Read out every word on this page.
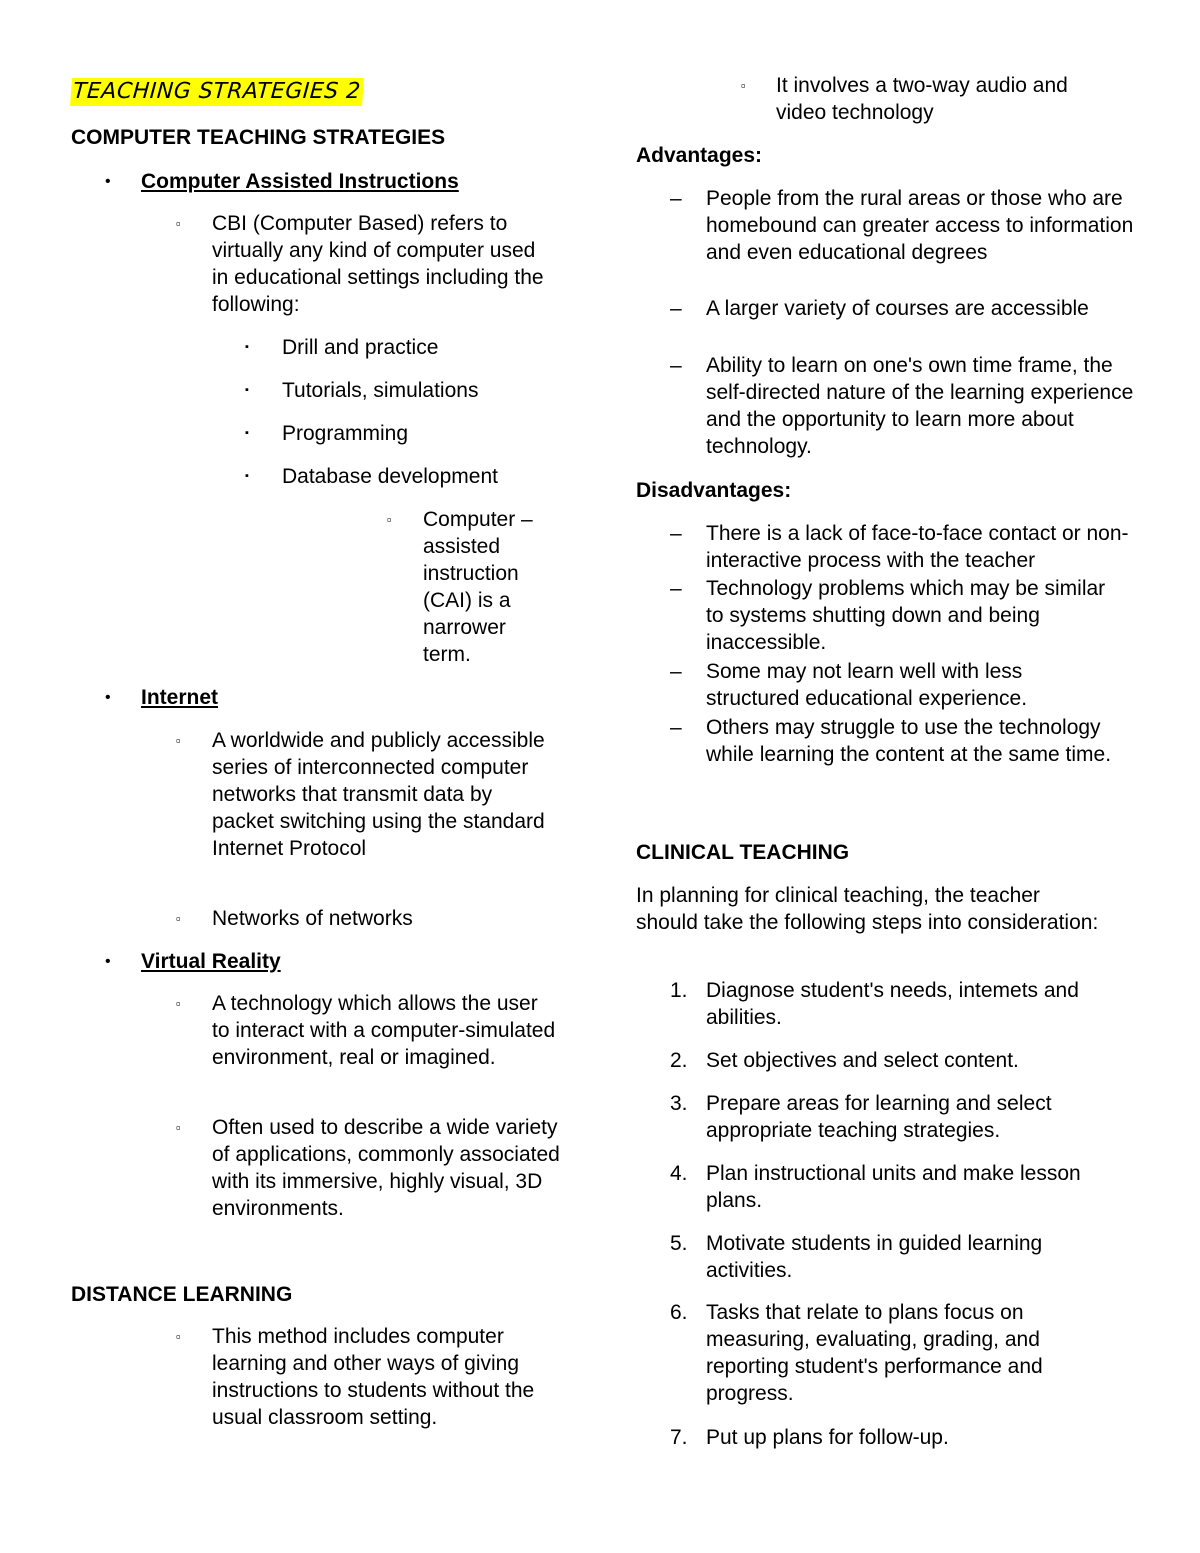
TEACHING STRATEGIES 2
COMPUTER TEACHING STRATEGIES
• Computer Assisted Instructions
▫ CBI (Computer Based) refers to virtually any kind of computer used in educational settings including the following:
▪ Drill and practice
▪ Tutorials, simulations
▪ Programming
▪ Database development
▫ Computer – assisted instruction (CAI) is a narrower term.
• Internet
▫ A worldwide and publicly accessible series of interconnected computer networks that transmit data by packet switching using the standard Internet Protocol
▫ Networks of networks
• Virtual Reality
▫ A technology which allows the user to interact with a computer-simulated environment, real or imagined.
▫ Often used to describe a wide variety of applications, commonly associated with its immersive, highly visual, 3D environments.
DISTANCE LEARNING
▫ This method includes computer learning and other ways of giving instructions to students without the usual classroom setting.
▫ It involves a two-way audio and video technology
Advantages:
– People from the rural areas or those who are homebound can greater access to information and even educational degrees
– A larger variety of courses are accessible
– Ability to learn on one's own time frame, the self-directed nature of the learning experience and the opportunity to learn more about technology.
Disadvantages:
– There is a lack of face-to-face contact or non-interactive process with the teacher
– Technology problems which may be similar to systems shutting down and being inaccessible.
– Some may not learn well with less structured educational experience.
– Others may struggle to use the technology while learning the content at the same time.
CLINICAL TEACHING
In planning for clinical teaching, the teacher should take the following steps into consideration:
1. Diagnose student's needs, intemets and abilities.
2. Set objectives and select content.
3. Prepare areas for learning and select appropriate teaching strategies.
4. Plan instructional units and make lesson plans.
5. Motivate students in guided learning activities.
6. Tasks that relate to plans focus on measuring, evaluating, grading, and reporting student's performance and progress.
7. Put up plans for follow-up.
